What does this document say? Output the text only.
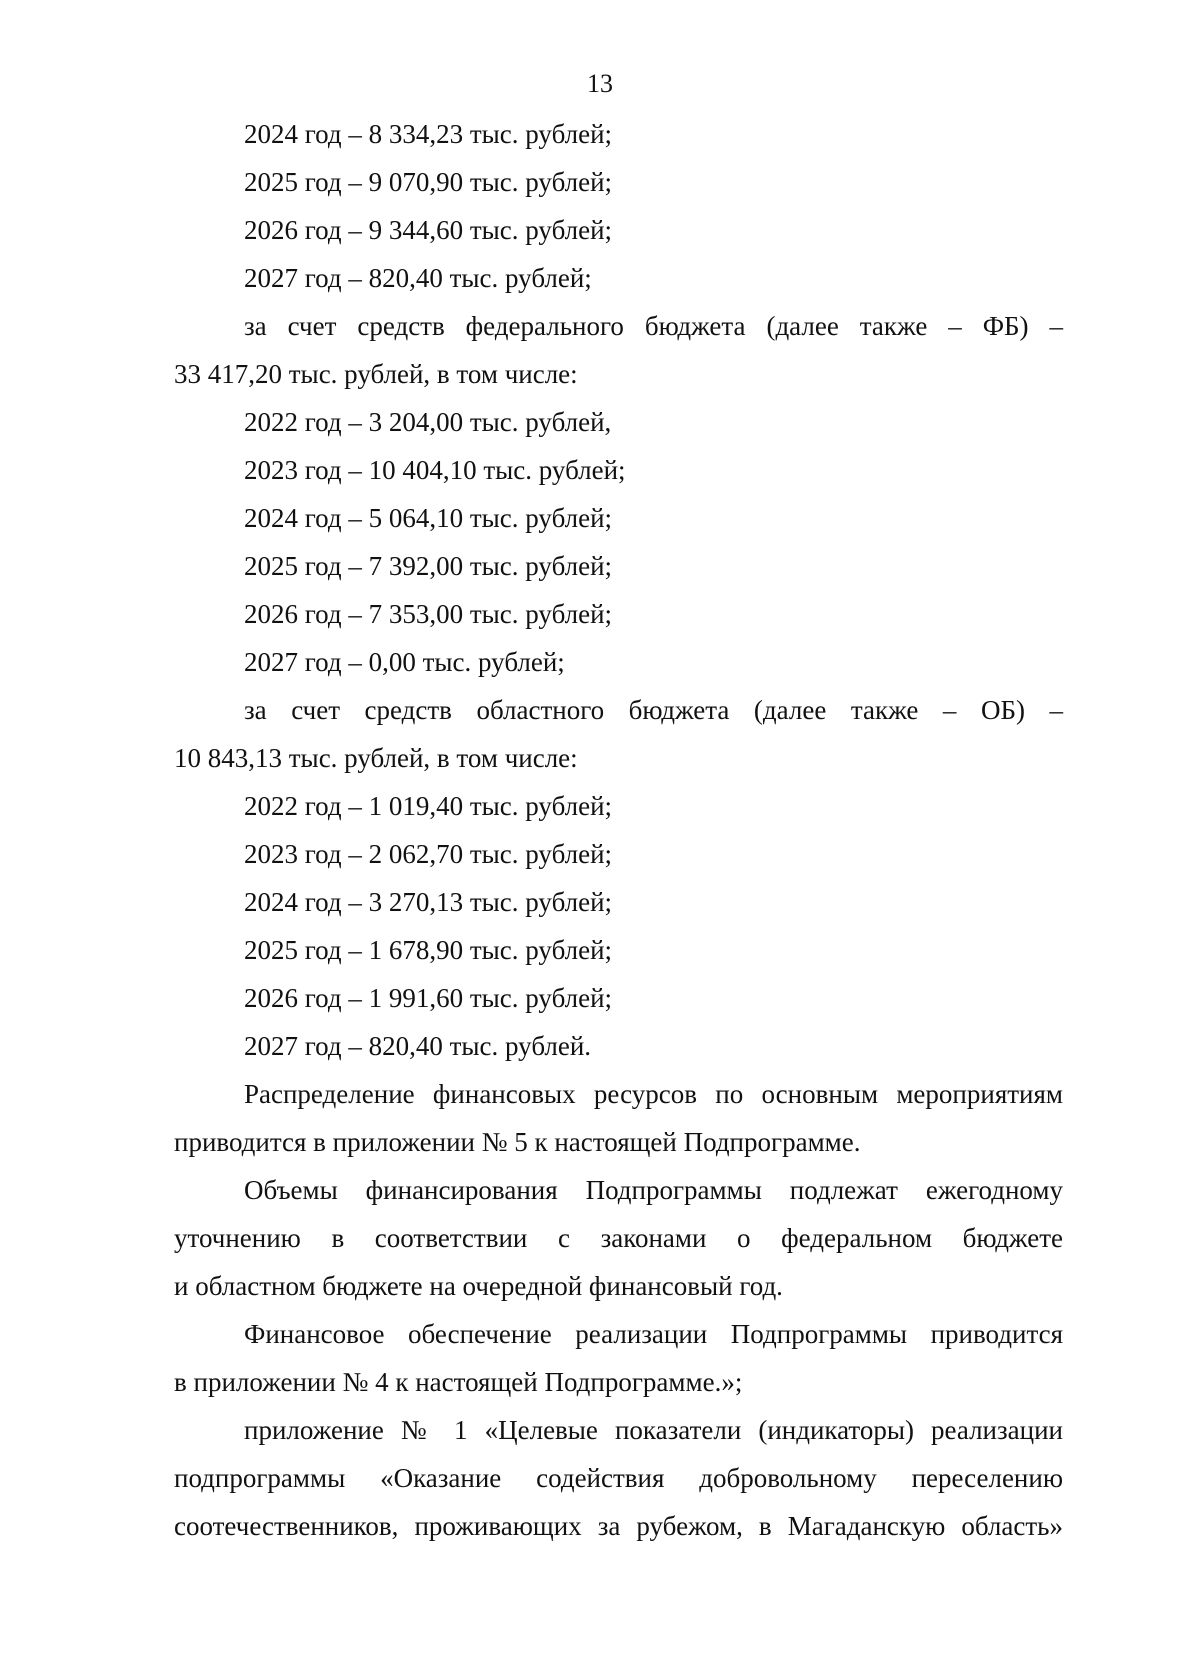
13
2024 год – 8 334,23 тыс. рублей;
2025 год – 9 070,90 тыс. рублей;
2026 год – 9 344,60 тыс. рублей;
2027 год – 820,40 тыс. рублей;
за счет средств федерального бюджета (далее также – ФБ) –
33 417,20 тыс. рублей, в том числе:
2022 год – 3 204,00 тыс. рублей,
2023 год – 10 404,10 тыс. рублей;
2024 год – 5 064,10 тыс. рублей;
2025 год – 7 392,00 тыс. рублей;
2026 год – 7 353,00 тыс. рублей;
2027 год – 0,00 тыс. рублей;
за счет средств областного бюджета (далее также – ОБ) –
10 843,13 тыс. рублей, в том числе:
2022 год – 1 019,40 тыс. рублей;
2023 год – 2 062,70 тыс. рублей;
2024 год – 3 270,13 тыс. рублей;
2025 год – 1 678,90 тыс. рублей;
2026 год – 1 991,60 тыс. рублей;
2027 год – 820,40 тыс. рублей.
Распределение финансовых ресурсов по основным мероприятиям
приводится в приложении № 5 к настоящей Подпрограмме.
Объемы финансирования Подпрограммы подлежат ежегодному
уточнению в соответствии с законами о федеральном бюджете
и областном бюджете на очередной финансовый год.
Финансовое обеспечение реализации Подпрограммы приводится
в приложении № 4 к настоящей Подпрограмме.»;
приложение № 1 «Целевые показатели (индикаторы) реализации
подпрограммы «Оказание содействия добровольному переселению
соотечественников, проживающих за рубежом, в Магаданскую область»
